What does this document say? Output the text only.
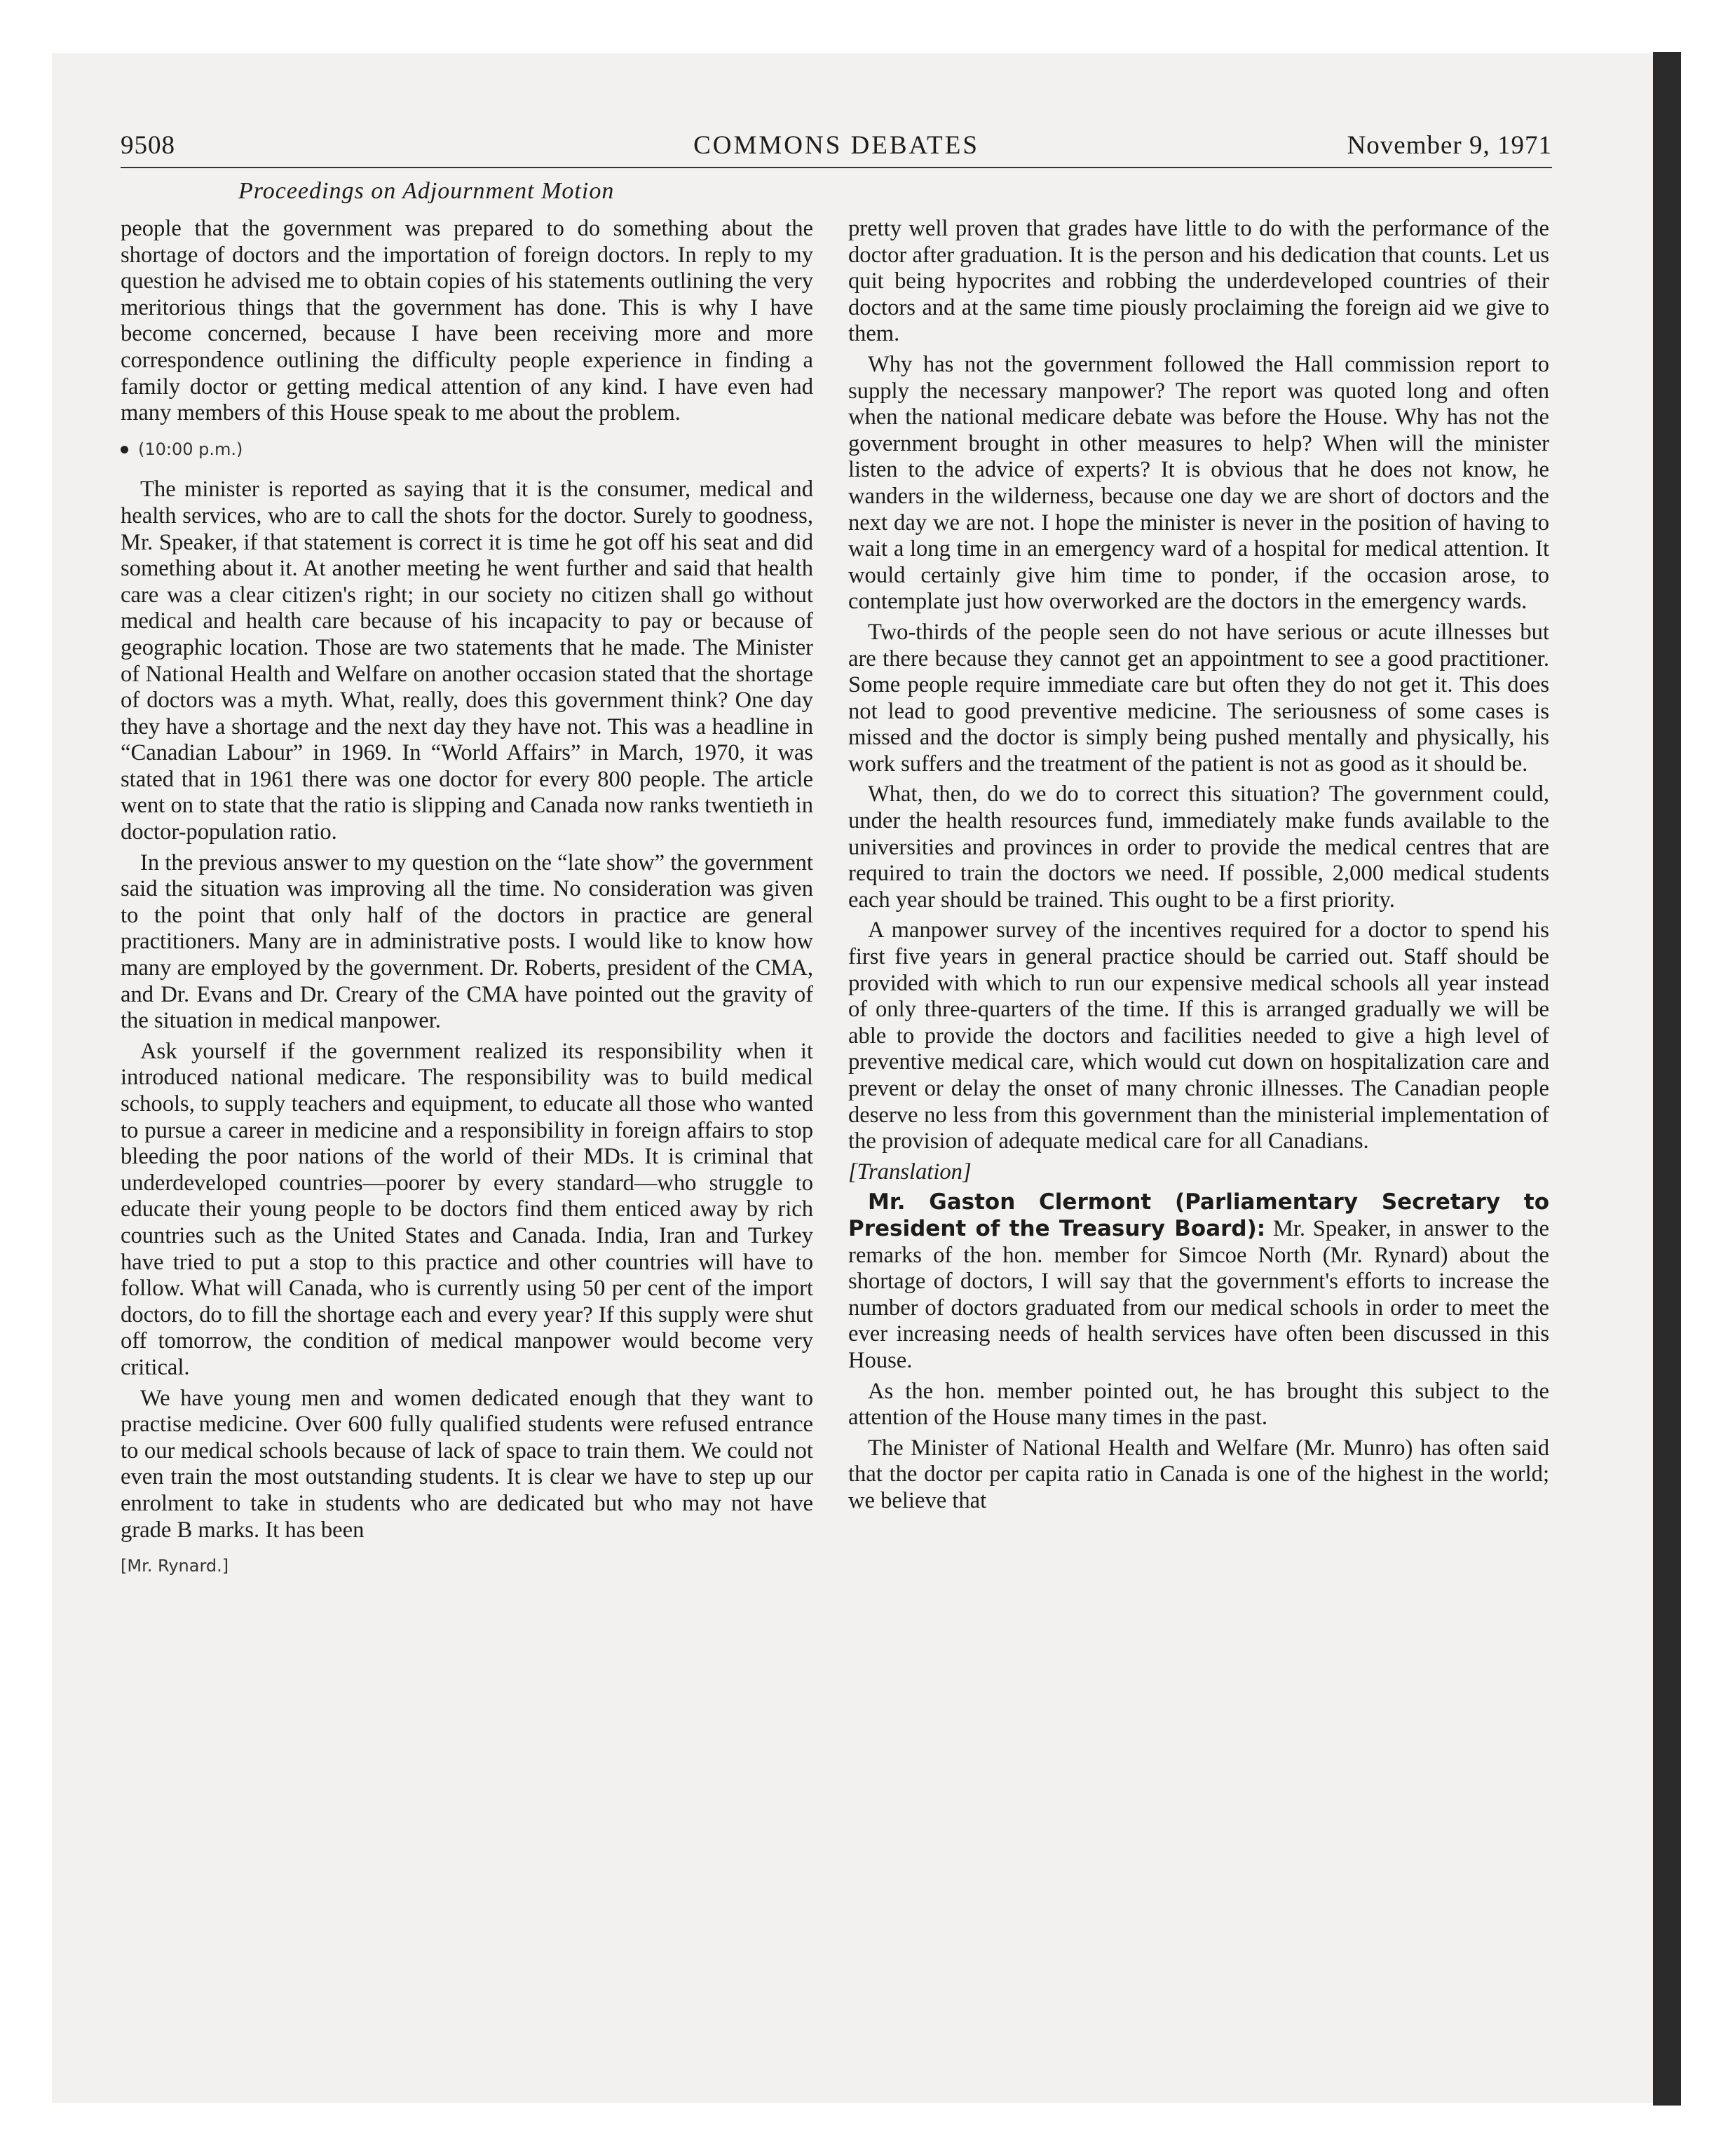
9508	COMMONS DEBATES	November 9, 1971
Proceedings on Adjournment Motion

people that the government was prepared to do something about the shortage of doctors and the importation of foreign doctors. In reply to my question he advised me to obtain copies of his statements outlining the very meritorious things that the government has done. This is why I have become concerned, because I have been receiving more and more correspondence outlining the difficulty people experience in finding a family doctor or getting medical attention of any kind. I have even had many members of this House speak to me about the problem.

(10:00 p.m.)

The minister is reported as saying that it is the consumer, medical and health services, who are to call the shots for the doctor. Surely to goodness, Mr. Speaker, if that statement is correct it is time he got off his seat and did something about it. At another meeting he went further and said that health care was a clear citizen's right; in our society no citizen shall go without medical and health care because of his incapacity to pay or because of geographic location. Those are two statements that he made. The Minister of National Health and Welfare on another occasion stated that the shortage of doctors was a myth. What, really, does this government think? One day they have a shortage and the next day they have not. This was a headline in “Canadian Labour” in 1969. In “World Affairs” in March, 1970, it was stated that in 1961 there was one doctor for every 800 people. The article went on to state that the ratio is slipping and Canada now ranks twentieth in doctor-population ratio.

In the previous answer to my question on the “late show” the government said the situation was improving all the time. No consideration was given to the point that only half of the doctors in practice are general practitioners. Many are in administrative posts. I would like to know how many are employed by the government. Dr. Roberts, president of the CMA, and Dr. Evans and Dr. Creary of the CMA have pointed out the gravity of the situation in medical manpower.

Ask yourself if the government realized its responsibility when it introduced national medicare. The responsibility was to build medical schools, to supply teachers and equipment, to educate all those who wanted to pursue a career in medicine and a responsibility in foreign affairs to stop bleeding the poor nations of the world of their MDs. It is criminal that underdeveloped countries—poorer by every standard—who struggle to educate their young people to be doctors find them enticed away by rich countries such as the United States and Canada. India, Iran and Turkey have tried to put a stop to this practice and other countries will have to follow. What will Canada, who is currently using 50 per cent of the import doctors, do to fill the shortage each and every year? If this supply were shut off tomorrow, the condition of medical manpower would become very critical.

We have young men and women dedicated enough that they want to practise medicine. Over 600 fully qualified students were refused entrance to our medical schools because of lack of space to train them. We could not even train the most outstanding students. It is clear we have to step up our enrolment to take in students who are dedicated but who may not have grade B marks. It has been

[Mr. Rynard.]

pretty well proven that grades have little to do with the performance of the doctor after graduation. It is the person and his dedication that counts. Let us quit being hypocrites and robbing the underdeveloped countries of their doctors and at the same time piously proclaiming the foreign aid we give to them.

Why has not the government followed the Hall commission report to supply the necessary manpower? The report was quoted long and often when the national medicare debate was before the House. Why has not the government brought in other measures to help? When will the minister listen to the advice of experts? It is obvious that he does not know, he wanders in the wilderness, because one day we are short of doctors and the next day we are not. I hope the minister is never in the position of having to wait a long time in an emergency ward of a hospital for medical attention. It would certainly give him time to ponder, if the occasion arose, to contemplate just how overworked are the doctors in the emergency wards.

Two-thirds of the people seen do not have serious or acute illnesses but are there because they cannot get an appointment to see a good practitioner. Some people require immediate care but often they do not get it. This does not lead to good preventive medicine. The seriousness of some cases is missed and the doctor is simply being pushed mentally and physically, his work suffers and the treatment of the patient is not as good as it should be.

What, then, do we do to correct this situation? The government could, under the health resources fund, immediately make funds available to the universities and provinces in order to provide the medical centres that are required to train the doctors we need. If possible, 2,000 medical students each year should be trained. This ought to be a first priority.

A manpower survey of the incentives required for a doctor to spend his first five years in general practice should be carried out. Staff should be provided with which to run our expensive medical schools all year instead of only three-quarters of the time. If this is arranged gradually we will be able to provide the doctors and facilities needed to give a high level of preventive medical care, which would cut down on hospitalization care and prevent or delay the onset of many chronic illnesses. The Canadian people deserve no less from this government than the ministerial implementation of the provision of adequate medical care for all Canadians.

[Translation]

Mr. Gaston Clermont (Parliamentary Secretary to President of the Treasury Board): Mr. Speaker, in answer to the remarks of the hon. member for Simcoe North (Mr. Rynard) about the shortage of doctors, I will say that the government's efforts to increase the number of doctors graduated from our medical schools in order to meet the ever increasing needs of health services have often been discussed in this House.

As the hon. member pointed out, he has brought this subject to the attention of the House many times in the past.

The Minister of National Health and Welfare (Mr. Munro) has often said that the doctor per capita ratio in Canada is one of the highest in the world; we believe that
